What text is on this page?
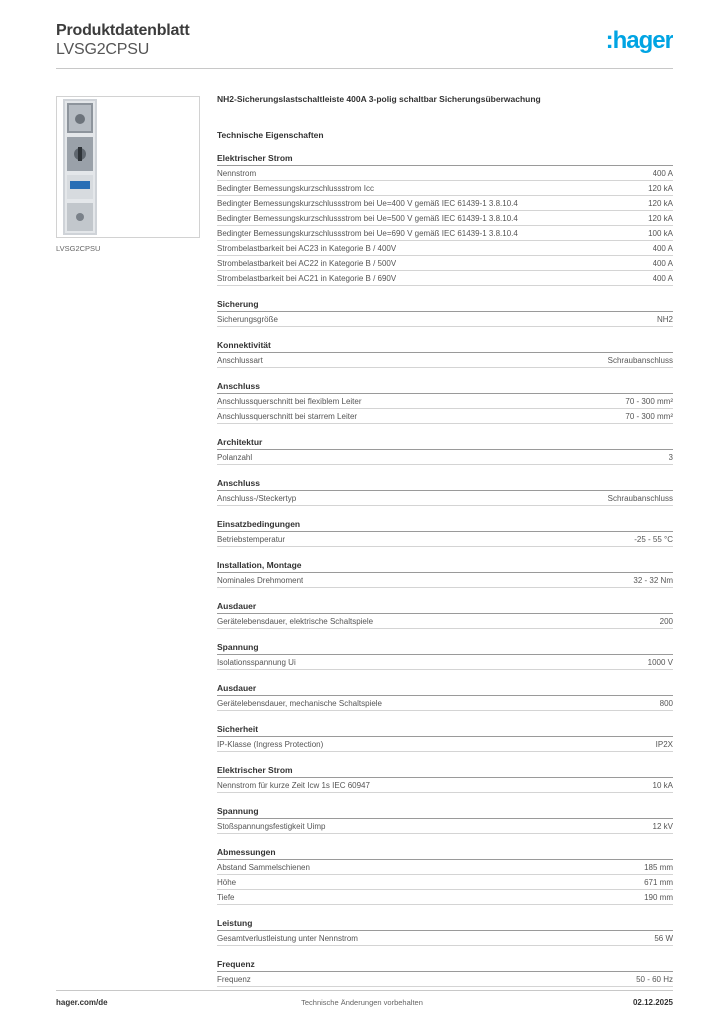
Produktdatenblatt
LVSG2CPSU	:hager
LVSG2CPSU
NH2-Sicherungslastschaltleiste 400A 3-polig schaltbar Sicherungsüberwachung
Technische Eigenschaften
Elektrischer Strom
Nennstrom	400 A
Bedingter Bemessungskurzschlussstrom Icc	120 kA
Bedingter Bemessungskurzschlussstrom bei Ue=400 V gemäß IEC 61439-1 3.8.10.4	120 kA
Bedingter Bemessungskurzschlussstrom bei Ue=500 V gemäß IEC 61439-1 3.8.10.4	120 kA
Bedingter Bemessungskurzschlussstrom bei Ue=690 V gemäß IEC 61439-1 3.8.10.4	100 kA
Strombelastbarkeit bei AC23 in Kategorie B / 400V	400 A
Strombelastbarkeit bei AC22 in Kategorie B / 500V	400 A
Strombelastbarkeit bei AC21 in Kategorie B / 690V	400 A
Sicherung
Sicherungsgröße	NH2
Konnektivität
Anschlussart	Schraubanschluss
Anschluss
Anschlussquerschnitt bei flexiblem Leiter	70 - 300 mm²
Anschlussquerschnitt bei starrem Leiter	70 - 300 mm²
Architektur
Polanzahl	3
Anschluss
Anschluss-/Steckertyp	Schraubanschluss
Einsatzbedingungen
Betriebstemperatur	-25 - 55 °C
Installation, Montage
Nominales Drehmoment	32 - 32 Nm
Ausdauer
Gerätelebensdauer, elektrische Schaltspiele	200
Spannung
Isolationsspannung Ui	1000 V
Ausdauer
Gerätelebensdauer, mechanische Schaltspiele	800
Sicherheit
IP-Klasse (Ingress Protection)	IP2X
Elektrischer Strom
Nennstrom für kurze Zeit Icw 1s IEC 60947	10 kA
Spannung
Stoßspannungsfestigkeit Uimp	12 kV
Abmessungen
Abstand Sammelschienen	185 mm
Höhe	671 mm
Tiefe	190 mm
Leistung
Gesamtverlustleistung unter Nennstrom	56 W
Frequenz
Frequenz	50 - 60 Hz
hager.com/de	Technische Änderungen vorbehalten	02.12.2025
